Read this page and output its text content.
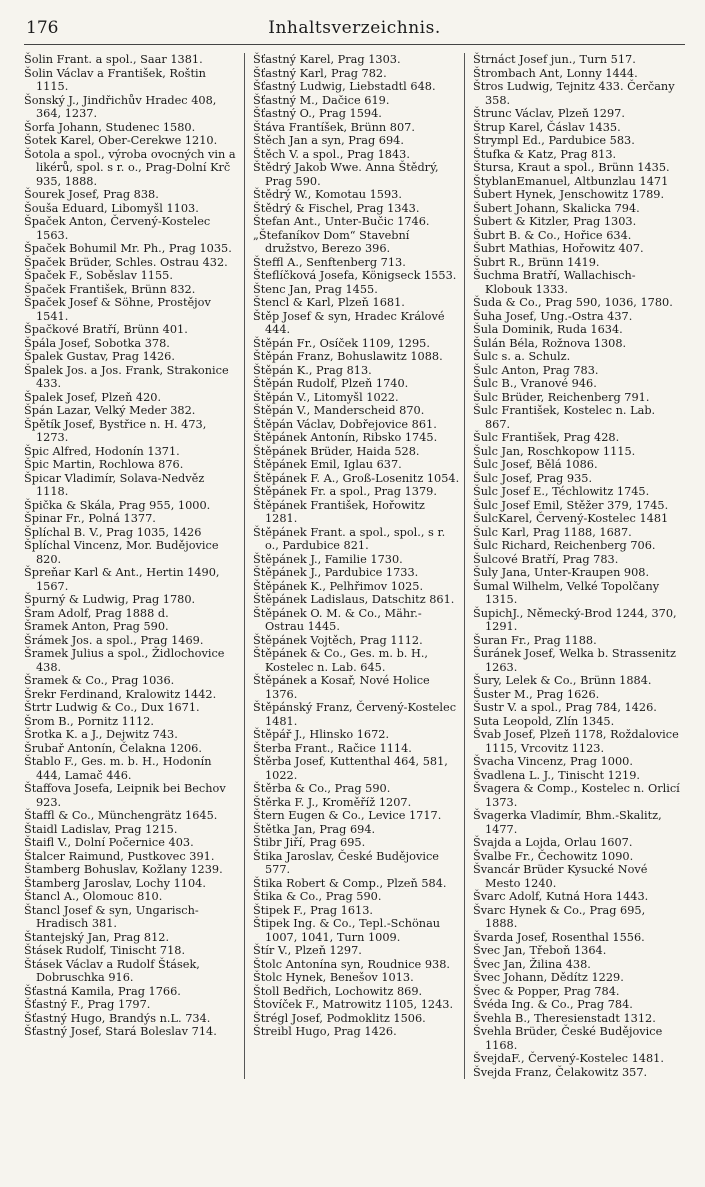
176	Inhaltsverzeichnis.
Šolin Frant. a spol., Saar 1381.
Šolin Václav a František, Roštin 1115.
Šonský J., Jindřichův Hradec 408, 364, 1237.
Šorfa Johann, Studenec 1580.
Šotek Karel, Ober-Cerekwe 1210.
Šotola a spol., výroba ovocných vin a likérů, spol. s r. o., Prag-Dolní Krč 935, 1888.
Šourek Josef, Prag 838.
Šouša Eduard, Libomyšl 1103.
Špaček Anton, Červený-Kostelec 1563.
Špaček Bohumil Mr. Ph., Prag 1035.
Špaček Brüder, Schles. Ostrau 432.
Špaček F., Soběslav 1155.
Špaček František, Brünn 832.
Špaček Josef & Söhne, Prostějov 1541.
Špačkové Bratří, Brünn 401.
Špála Josef, Sobotka 378.
Špalek Gustav, Prag 1426.
Špalek Jos. a Jos. Frank, Strakonice 433.
Špalek Josef, Plzeň 420.
Špán Lazar, Velký Meder 382.
Špětík Josef, Bystřice n. H. 473, 1273.
Špic Alfred, Hodonín 1371.
Špic Martin, Rochlowa 876.
Špicar Vladimír, Solava-Nedvěz 1118.
Špička & Skála, Prag 955, 1000.
Špinar Fr., Polná 1377.
Šplíchal B. V., Prag 1035, 1426
Šplíchal Vincenz, Mor. Budějovice 820.
Špreňar Karl & Ant., Hertin 1490, 1567.
Špurný & Ludwig, Prag 1780.
Šram Adolf, Prag 1888 d.
Šramek Anton, Prag 590.
Šrámek Jos. a spol., Prag 1469.
Šramek Julius a spol., Židlochovice 438.
Šramek & Co., Prag 1036.
Šrekr Ferdinand, Kralowitz 1442.
Štrtr Ludwig & Co., Dux 1671.
Šrom B., Pornitz 1112.
Šrotka K. a J., Dejwitz 743.
Šrubař Antonín, Čelakna 1206.
Štablo F., Ges. m. b. H., Hodonín 444, Lamač 446.
Štaffova Josefa, Leipnik bei Bechov 923.
Štaffl & Co., Münchengrätz 1645.
Štaidl Ladislav, Prag 1215.
Štaifl V., Dolní Počernice 403.
Štalcer Raimund, Pustkovec 391.
Štamberg Bohuslav, Kožlany 1239.
Štamberg Jaroslav, Lochy 1104.
Štancl A., Olomouc 810.
Štancl Josef & syn, Ungarisch-Hradisch 381.
Štantejský Jan, Prag 812.
Štásek Rudolf, Tinischt 718.
Štásek Václav a Rudolf Štásek, Dobruschka 916.
Šťastná Kamila, Prag 1766.
Šťastný F., Prag 1797.
Šťastný Hugo, Brandýs n.L. 734.
Šťastný Josef, Stará Boleslav 714.
Šťastný Karel, Prag 1303.
Šťastný Karl, Prag 782.
Šťastný Ludwig, Liebstadtl 648.
Šťastný M., Dačice 619.
Šťastný O., Prag 1594.
Štáva Frantíšek, Brünn 807.
Štěch Jan a syn, Prag 694.
Štěch V. a spol., Prag 1843.
Štědrý Jakob Wwe. Anna Štědrý, Prag 590.
Štědrý W., Komotau 1593.
Štědrý & Fischel, Prag 1343.
Štefan Ant., Unter-Bučic 1746.
„Štefaníkov Dom“ Stavební družstvo, Berezo 396.
Šteffl A., Senftenberg 713.
Šteflíčková Josefa, Königseck 1553.
Štenc Jan, Prag 1455.
Štencl & Karl, Plzeň 1681.
Štěp Josef & syn, Hradec Králové 444.
Štěpán Fr., Osíček 1109, 1295.
Štěpán Franz, Bohuslawitz 1088.
Štěpán K., Prag 813.
Štěpán Rudolf, Plzeň 1740.
Štěpán V., Litomyšl 1022.
Štěpán V., Manderscheid 870.
Štěpán Václav, Dobřejovice 861.
Štěpánek Antonín, Ribsko 1745.
Štěpánek Brüder, Haida 528.
Štěpánek Emil, Iglau 637.
Štěpánek F. A., Groß-Losenitz 1054.
Štěpánek Fr. a spol., Prag 1379.
Štěpánek František, Hořowitz 1281.
Štěpánek Frant. a spol., spol., s r. o., Pardubice 821.
Štěpánek J., Familie 1730.
Štěpánek J., Pardubice 1733.
Štěpánek K., Pelhřimov 1025.
Štěpánek Ladislaus, Datschitz 861.
Štěpánek O. M. & Co., Mähr.-Ostrau 1445.
Štěpánek Vojtěch, Prag 1112.
Štěpánek & Co., Ges. m. b. H., Kostelec n. Lab. 645.
Štěpánek a Kosař, Nové Holice 1376.
Štěpánský Franz, Červený-Kostelec 1481.
Štěpář J., Hlinsko 1672.
Šterba Frant., Račice 1114.
Štěrba Josef, Kuttenthal 464, 581, 1022.
Štěrba & Co., Prag 590.
Štěrka F. J., Kroměříž 1207.
Štern Eugen & Co., Levice 1717.
Štětka Jan, Prag 694.
Štibr Jiří, Prag 695.
Štika Jaroslav, České Budějovice 577.
Štika Robert & Comp., Plzeň 584.
Štika & Co., Prag 590.
Štipek F., Prag 1613.
Štipek Ing. & Co., Tepl.-Schönau 1007, 1041, Turn 1009.
Štír V., Plzeň 1297.
Štolc Antonína syn, Roudnice 938.
Štolc Hynek, Benešov 1013.
Štoll Bedřich, Lochowitz 869.
Štovíček F., Matrowitz 1105, 1243.
Štrégl Josef, Podmoklitz 1506.
Štreibl Hugo, Prag 1426.
Štrnáct Josef jun., Turn 517.
Štrombach Ant, Lonny 1444.
Štros Ludwig, Tejnitz 433. Čerčany 358.
Štrunc Václav, Plzeň 1297.
Štrup Karel, Čáslav 1435.
Štrympl Ed., Pardubice 583.
Štufka & Katz, Prag 813.
Štursa, Kraut a spol., Brünn 1435.
ŠtyblanEmanuel, Altbunzlau 1471
Šubert Hynek, Jenschowitz 1789.
Šubert Johann, Skalicka 794.
Šubert & Kitzler, Prag 1303.
Šubrt B. & Co., Hořice 634.
Šubrt Mathias, Hořowitz 407.
Šubrt R., Brünn 1419.
Šuchma Bratří, Wallachisch-Klobouk 1333.
Šuda & Co., Prag 590, 1036, 1780.
Šuha Josef, Ung.-Ostra 437.
Šula Dominik, Ruda 1634.
Šulán Béla, Rožnova 1308.
Šulc s. a. Schulz.
Šulc Anton, Prag 783.
Šulc B., Vranové 946.
Šulc Brüder, Reichenberg 791.
Šulc František, Kostelec n. Lab. 867.
Šulc František, Prag 428.
Šulc Jan, Roschkopow 1115.
Šulc Josef, Bělá 1086.
Šulc Josef, Prag 935.
Šulc Josef E., Téchlowitz 1745.
Šulc Josef Emil, Stěžer 379, 1745.
ŠulcKarel, Červený-Kostelec 1481
Šulc Karl, Prag 1188, 1687.
Šulc Richard, Reichenberg 706.
Šulcové Bratří, Prag 783.
Šuly Jana, Unter-Kraupen 908.
Šumal Wilhelm, Velké Topolčany 1315.
ŠupichJ., Německý-Brod 1244, 370, 1291.
Šuran Fr., Prag 1188.
Šuránek Josef, Welka b. Strassenitz 1263.
Šury, Lelek & Co., Brünn 1884.
Šuster M., Prag 1626.
Šustr V. a spol., Prag 784, 1426.
Suta Leopold, Zlín 1345.
Švab Josef, Plzeň 1178, Roždalovice 1115, Vrcovitz 1123.
Švacha Vincenz, Prag 1000.
Švadlena L. J., Tinischt 1219.
Švagera & Comp., Kostelec n. Orlicí 1373.
Švagerka Vladimír, Bhm.-Skalitz, 1477.
Švajda a Lojda, Orlau 1607.
Švalbe Fr., Čechowitz 1090.
Švancár Brüder Kysucké Nové Mesto 1240.
Švarc Adolf, Kutná Hora 1443.
Švarc Hynek & Co., Prag 695, 1888.
Švarda Josef, Rosenthal 1556.
Švec Jan, Třeboň 1364.
Švec Jan, Žilina 438.
Švec Johann, Dědítz 1229.
Švec & Popper, Prag 784.
Švéda Ing. & Co., Prag 784.
Švehla B., Theresienstadt 1312.
Švehla Brüder, České Budějovice 1168.
ŠvejdaF., Červený-Kostelec 1481.
Švejda Franz, Čelakowitz 357.
